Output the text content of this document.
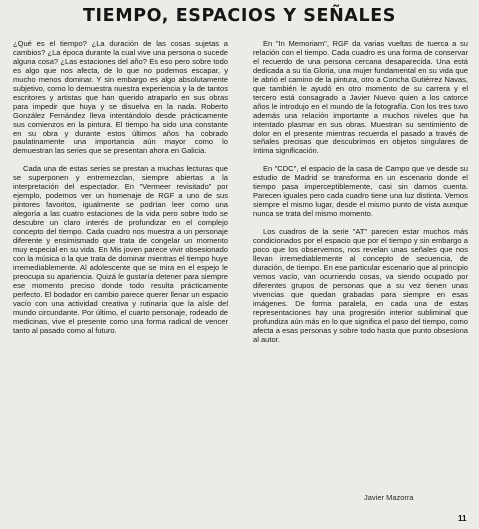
TIEMPO, ESPACIOS Y SEÑALES

¿Qué es el tiempo? ¿La duración de las cosas sujetas a cambios? ¿La época durante la cual vive una persona o sucede alguna cosa? ¿Las estaciones del año? Es eso pero sobre todo es algo que nos afecta, de lo que no podemos escapar, y mucho menos dominar. Y sin embargo es algo absolutamente subjetivo, como lo demuestra nuestra experiencia y la de tantos escritores y artistas que han querido atraparlo en sus obras para impedir que huya y se disuelva en la nada. Roberto González Fernández lleva intentándolo desde prácticamente sus comienzos en la pintura. El tiempo ha sido una constante en su obra y durante estos últimos años ha cobrado paulatinamente una importancia aún mayor como lo demuestran las series que se presentan ahora en Galicia.

Cada una de estas series se prestan a muchas lecturas que se superponen y entremezclan, siempre abiertas a la interpretación del espectador. En "Vermeer revisitado" por ejemplo, podemos ver un homenaje de RGF a uno de sus pintores favoritos, igualmente se podrían leer como una alegoría a las cuatro estaciones de la vida pero sobre todo se descubre un claro interés de profundizar en el complejo concepto del tiempo. Cada cuadro nos muestra a un personaje diferente y ensimismado que trata de congelar un momento muy especial en su vida. En Mis joven parece vivir obsesionado con la música o la que trata de dominar mientras el tiempo huye irremediablemente. Al adolescente que se mira en el espejo le preocupa su apariencia. Quizá le gustaría detener para siempre ese momento preciso donde todo resulta prácticamente perfecto. El bodador en cambio parece querer llenar un espacio vacío con una actividad creativa y rutinaria que la aísle del mundo circundante. Por último, el cuarto personaje, rodeado de medicinas, vive el presente como una forma radical de vencer tanto al pasado como al futuro.

En "In Memoriam", RGF da varias vueltas de tuerca a su relación con el tiempo. Cada cuadro es una forma de conservar el recuerdo de una persona cercana desaparecida. Una está dedicada a su tía Gloria, una mujer fundamental en su vida que le abrió el camino de la pintura, otro a Concha Gutiérrez Navas, que también le ayudó en otro momento de su carrera y el tercero está consagrado a Javier Nuevo quien a los catorce años le introdujo en el mundo de la fotografía. Con los tres tuvo además una relación importante a muchos niveles que ha intentado plasmar en sus obras. Muestran su sentimiento de dolor en el presente mientras recuerda el pasado a través de señales precisas que descubrimos en objetos singulares de íntima significación.

En "CDC", el espacio de la casa de Campo que ve desde su estudio de Madrid se transforma en un escenario donde el tiempo pasa imperceptiblemente, casi sin darnos cuenta. Parecen iguales pero cada cuadro tiene una luz distinta. Vemos siempre el mismo lugar, desde el mismo punto de vista aunque nunca se trata del mismo momento.

Los cuadros de la serie "AT" parecen estar muchos más condicionados por el espacio que por el tiempo y sin embargo a poco que los observemos, nos revelan unas señales que nos llevan irremediablemente al concepto de secuencia, de duración, de tiempo. En ese particular escenario que al principio vemos vacío, van ocurriendo cosas, va siendo ocupado por diferentes grupos de personas que a su vez tienen unas vivencias que quedan grabadas para siempre en esas imágenes. De forma paralela, en cada una de estas representaciones hay una progresión interior subliminal que profundiza aún más en lo que significa el paso del tiempo, como afecta a esas personas y sobre todo hasta que punto obsesiona al autor.

Javier Mazorra
11
